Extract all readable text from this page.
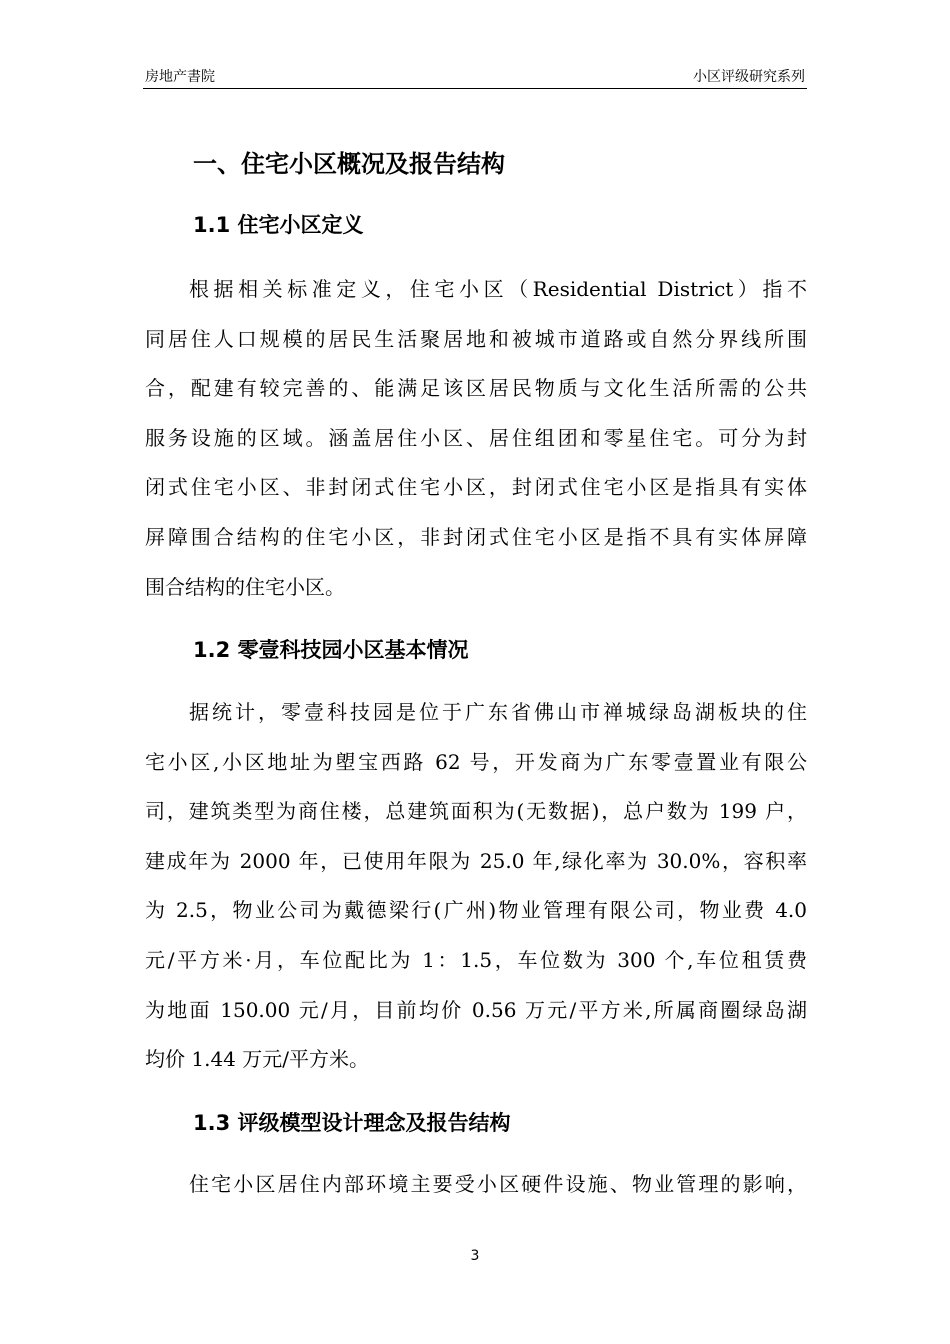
房地产書院	小区评级研究系列
一、住宅小区概况及报告结构
1.1 住宅小区定义
根据相关标准定义，住宅小区（Residential District）指不
同居住人口规模的居民生活聚居地和被城市道路或自然分界线所围
合，配建有较完善的、能满足该区居民物质与文化生活所需的公共
服务设施的区域。涵盖居住小区、居住组团和零星住宅。可分为封
闭式住宅小区、非封闭式住宅小区，封闭式住宅小区是指具有实体
屏障围合结构的住宅小区，非封闭式住宅小区是指不具有实体屏障
围合结构的住宅小区。
1.2 零壹科技园小区基本情况
据统计，零壹科技园是位于广东省佛山市禅城绿岛湖板块的住
宅小区,小区地址为塱宝西路 62 号，开发商为广东零壹置业有限公
司，建筑类型为商住楼，总建筑面积为(无数据)，总户数为 199 户，
建成年为 2000 年，已使用年限为 25.0 年,绿化率为 30.0%，容积率
为 2.5，物业公司为戴德梁行(广州)物业管理有限公司，物业费 4.0
元/平方米·月，车位配比为 1：1.5，车位数为 300 个,车位租赁费
为地面 150.00 元/月，目前均价 0.56 万元/平方米,所属商圈绿岛湖
均价 1.44 万元/平方米。
1.3 评级模型设计理念及报告结构
住宅小区居住内部环境主要受小区硬件设施、物业管理的影响，
3
